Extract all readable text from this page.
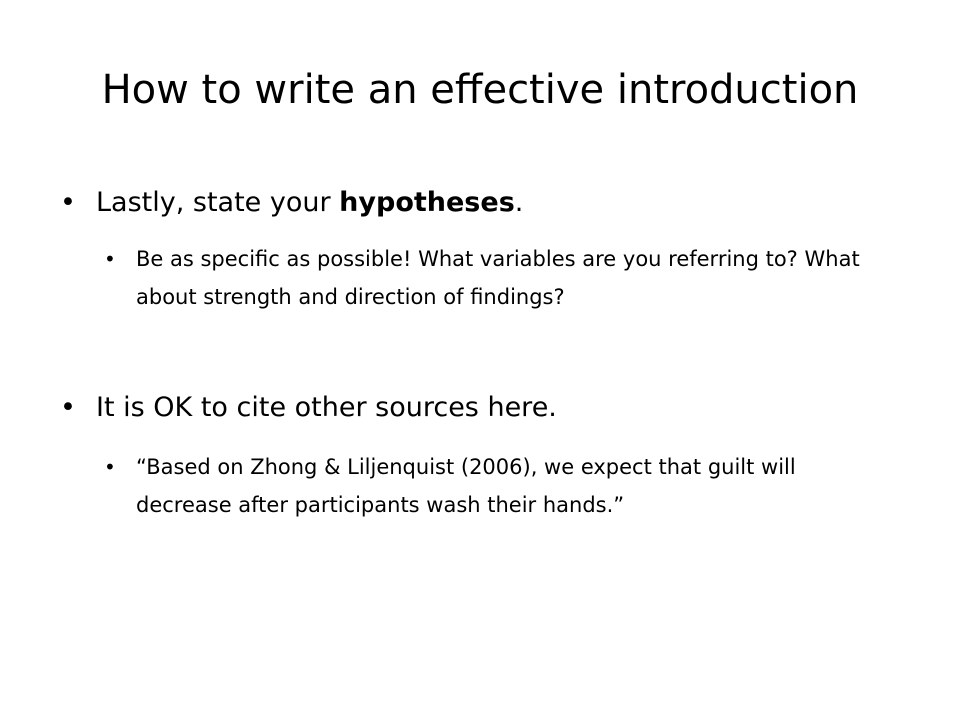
How to write an effective introduction

• Lastly, state your hypotheses.

• Be as specific as possible! What variables are you referring to? What about strength and direction of findings?

• It is OK to cite other sources here.

• “Based on Zhong & Liljenquist (2006), we expect that guilt will decrease after participants wash their hands.”
